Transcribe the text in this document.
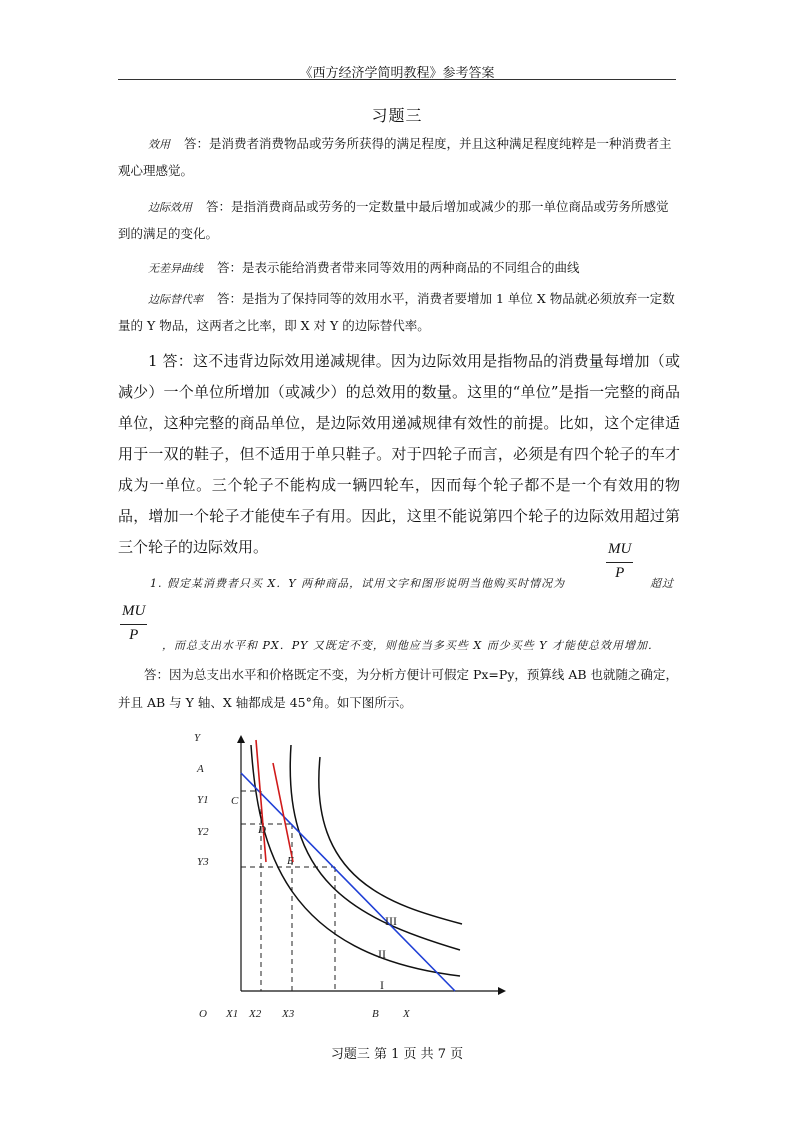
《西方经济学简明教程》参考答案
习题三
效用 答：是消费者消费物品或劳务所获得的满足程度，并且这种满足程度纯粹是一种消费者主观心理感觉。
边际效用 答：是指消费商品或劳务的一定数量中最后增加或减少的那一单位商品或劳务所感觉到的满足的变化。
无差异曲线 答：是表示能给消费者带来同等效用的两种商品的不同组合的曲线
边际替代率 答：是指为了保持同等的效用水平，消费者要增加 1 单位 X 物品就必须放弃一定数量的 Y 物品，这两者之比率，即 X 对 Y 的边际替代率。
1 答：这不违背边际效用递减规律。因为边际效用是指物品的消费量每增加（或减少）一个单位所增加（或减少）的总效用的数量。这里的“单位”是指一完整的商品单位，这种完整的商品单位，是边际效用递减规律有效性的前提。比如，这个定律适用于一双的鞋子，但不适用于单只鞋子。对于四轮子而言，必须是有四个轮子的车才成为一单位。三个轮子不能构成一辆四轮车，因而每个轮子都不是一个有效用的物品，增加一个轮子才能使车子有用。因此，这里不能说第四个轮子的边际效用超过第三个轮子的边际效用。	$\frac{MU}{P}$
1. 假定某消费者只买 X．Y 两种商品，试用文字和图形说明当他购买时情况为	超过
$\frac{MU}{P}$ ，而总支出水平和 PX．PY 又既定不变，则他应当多买些 X 而少买些 Y 才能使总效用增加．
答：因为总支出水平和价格既定不变，为分析方便计可假定 Px=Py，预算线 AB 也就随之确定，并且 AB 与 Y 轴、X 轴都成是 45°角。如下图所示。
Y
A
Y1 C
Y2	D
Y3	E
O X1 X2 X3	B X
III
II
I
习题三 第 1 页 共 7 页
